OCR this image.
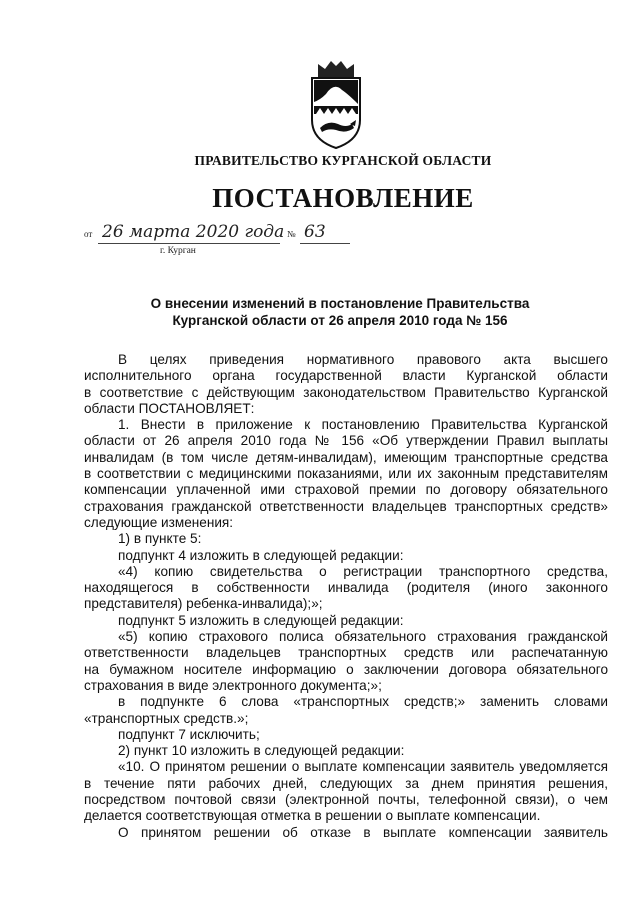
ПРАВИТЕЛЬСТВО КУРГАНСКОЙ ОБЛАСТИ
ПОСТАНОВЛЕНИЕ
от 26 марта 2020 года № 63
г. Курган
О внесении изменений в постановление Правительства
Курганской области от 26 апреля 2010 года № 156

В целях приведения нормативного правового акта высшего

исполнительного органа государственной власти Курганской области

в соответствие с действующим законодательством Правительство Курганской

области ПОСТАНОВЛЯЕТ:

1. Внести в приложение к постановлению Правительства Курганской

области от 26 апреля 2010 года № 156 «Об утверждении Правил выплаты

инвалидам (в том числе детям-инвалидам), имеющим транспортные средства

в соответствии с медицинскими показаниями, или их законным представителям

компенсации уплаченной ими страховой премии по договору обязательного

страхования гражданской ответственности владельцев транспортных средств»

следующие изменения:

1) в пункте 5:

подпункт 4 изложить в следующей редакции:

«4) копию свидетельства о регистрации транспортного средства,

находящегося в собственности инвалида (родителя (иного законного

представителя) ребенка-инвалида);»;

подпункт 5 изложить в следующей редакции:

«5) копию страхового полиса обязательного страхования гражданской

ответственности владельцев транспортных средств или распечатанную

на бумажном носителе информацию о заключении договора обязательного

страхования в виде электронного документа;»;

в подпункте 6 слова «транспортных средств;» заменить словами

«транспортных средств.»;

подпункт 7 исключить;

2) пункт 10 изложить в следующей редакции:

«10. О принятом решении о выплате компенсации заявитель уведомляется

в течение пяти рабочих дней, следующих за днем принятия решения,

посредством почтовой связи (электронной почты, телефонной связи), о чем

делается соответствующая отметка в решении о выплате компенсации.

О принятом решении об отказе в выплате компенсации заявитель
